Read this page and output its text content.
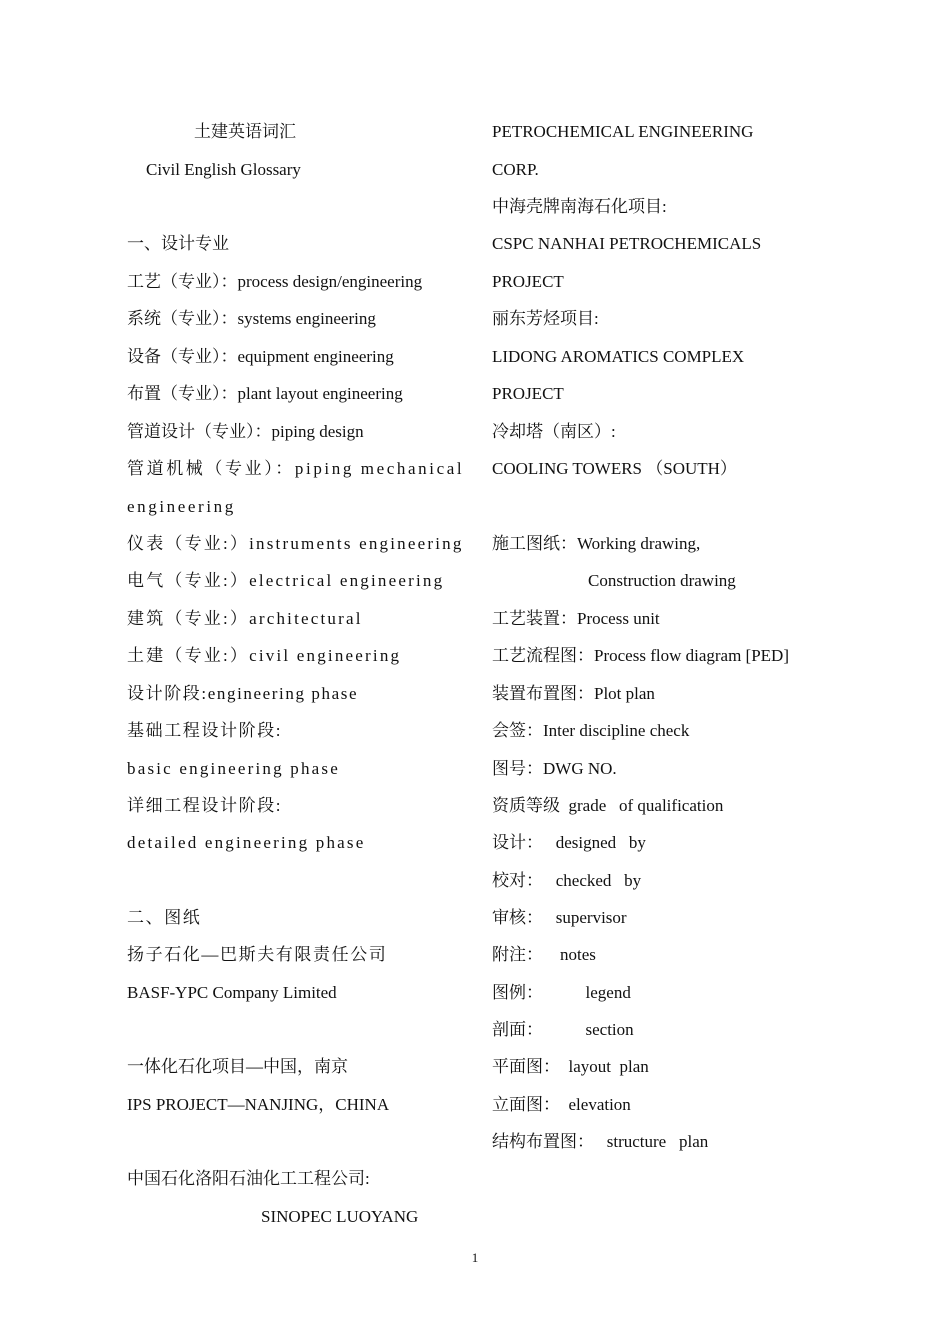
土建英语词汇
Civil English Glossary
一、设计专业
工艺（专业）：process design/engineering
系统（专业）：systems engineering
设备（专业）：equipment engineering
布置（专业）：plant layout engineering
管道设计（专业）：piping design
管道机械（专业）：piping mechanical
engineering
仪表（专业:）instruments engineering
电气（专业:）electrical engineering
建筑（专业:）architectural
土建（专业:）civil engineering
设计阶段:engineering phase
基础工程设计阶段:
basic engineering phase
详细工程设计阶段:
detailed engineering phase
二、图纸
扬子石化—巴斯夫有限责任公司
BASF-YPC Company Limited
一体化石化项目—中国，南京
IPS PROJECT—NANJING，CHINA
中国石化洛阳石油化工工程公司:
SINOPEC LUOYANG
PETROCHEMICAL ENGINEERING
CORP.
中海壳牌南海石化项目:
CSPC NANHAI PETROCHEMICALS
PROJECT
丽东芳烃项目:
LIDONG AROMATICS COMPLEX
PROJECT
冷却塔（南区）:
COOLING TOWERS （SOUTH）
施工图纸：Working drawing,
Construction drawing
工艺装置：Process unit
工艺流程图：Process flow diagram [PED]
装置布置图：Plot plan
会签：Inter discipline check
图号：DWG NO.
资质等级  grade   of qualification
设计：   designed   by
校对：   checked   by
审核：   supervisor
附注：    notes
图例：          legend
剖面：          section
平面图：  layout  plan
立面图：  elevation
结构布置图：   structure   plan
1
